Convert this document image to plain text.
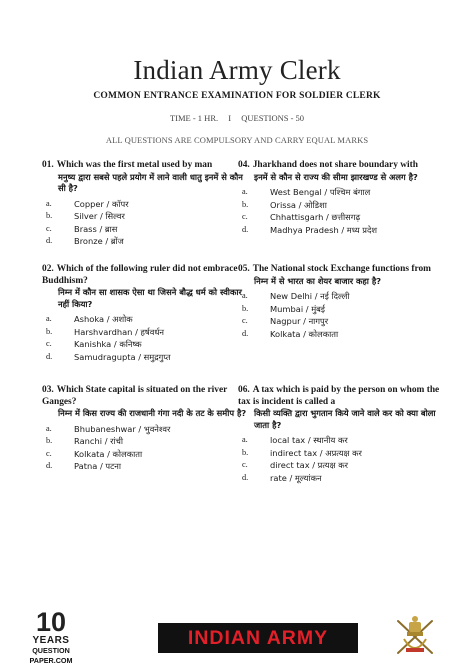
Indian Army Clerk
COMMON ENTRANCE EXAMINATION FOR SOLDIER CLERK
TIME - 1 HR. I QUESTIONS - 50
ALL QUESTIONS ARE COMPULSORY AND CARRY EQUAL MARKS
01. Which was the first metal used by man
मनुष्य द्वारा सबसे पहले प्रयोग में लाने वाली धातु इनमें से कौन सी है?
a.	Copper / कॉपर
b.	Silver / सिल्वर
c.	Brass / ब्रास
d.	Bronze / ब्रोंज
02. Which of the following ruler did not embrace Buddhism?
निम्न में कौन सा शासक ऐसा था जिसने बौद्ध धर्म को स्वीकार नहीं किया?
a.	Ashoka / अशोक
b.	Harshvardhan / हर्षवर्धन
c.	Kanishka / कनिष्क
d.	Samudragupta / समुद्रगुप्त
03. Which State capital is situated on the river Ganges?
निम्न में किस राज्य की राजधानी गंगा नदी के तट के समीप है?
a.	Bhubaneshwar / भुवनेश्वर
b.	Ranchi / रांची
c.	Kolkata / कोलकाता
d.	Patna / पटना
04. Jharkhand does not share boundary with
इनमें से कौन से राज्य की सीमा झारखण्ड से अलग है?
a.	West Bengal / पश्चिम बंगाल
b.	Orissa / ओडिशा
c.	Chhattisgarh / छत्तीसगढ़
d.	Madhya Pradesh / मध्य प्रदेश
05. The National stock Exchange functions from
निम्न में से भारत का शेयर बाजार कहा है?
a.	New Delhi / नई दिल्ली
b.	Mumbai / मुंबई
c.	Nagpur / नागपुर
d.	Kolkata / कोलकाता
06. A tax which is paid by the person on whom the tax is incident is called a
किसी व्यक्ति द्वारा भुगतान किये जाने वाले कर को क्या बोला जाता है?
a.	local tax / स्थानीय कर
b.	indirect tax / अप्रत्यक्ष कर
c.	direct tax / प्रत्यक्ष कर
d.	rate / मूल्यांकन
10
YEARS
QUESTION PAPER.COM
INDIAN ARMY
